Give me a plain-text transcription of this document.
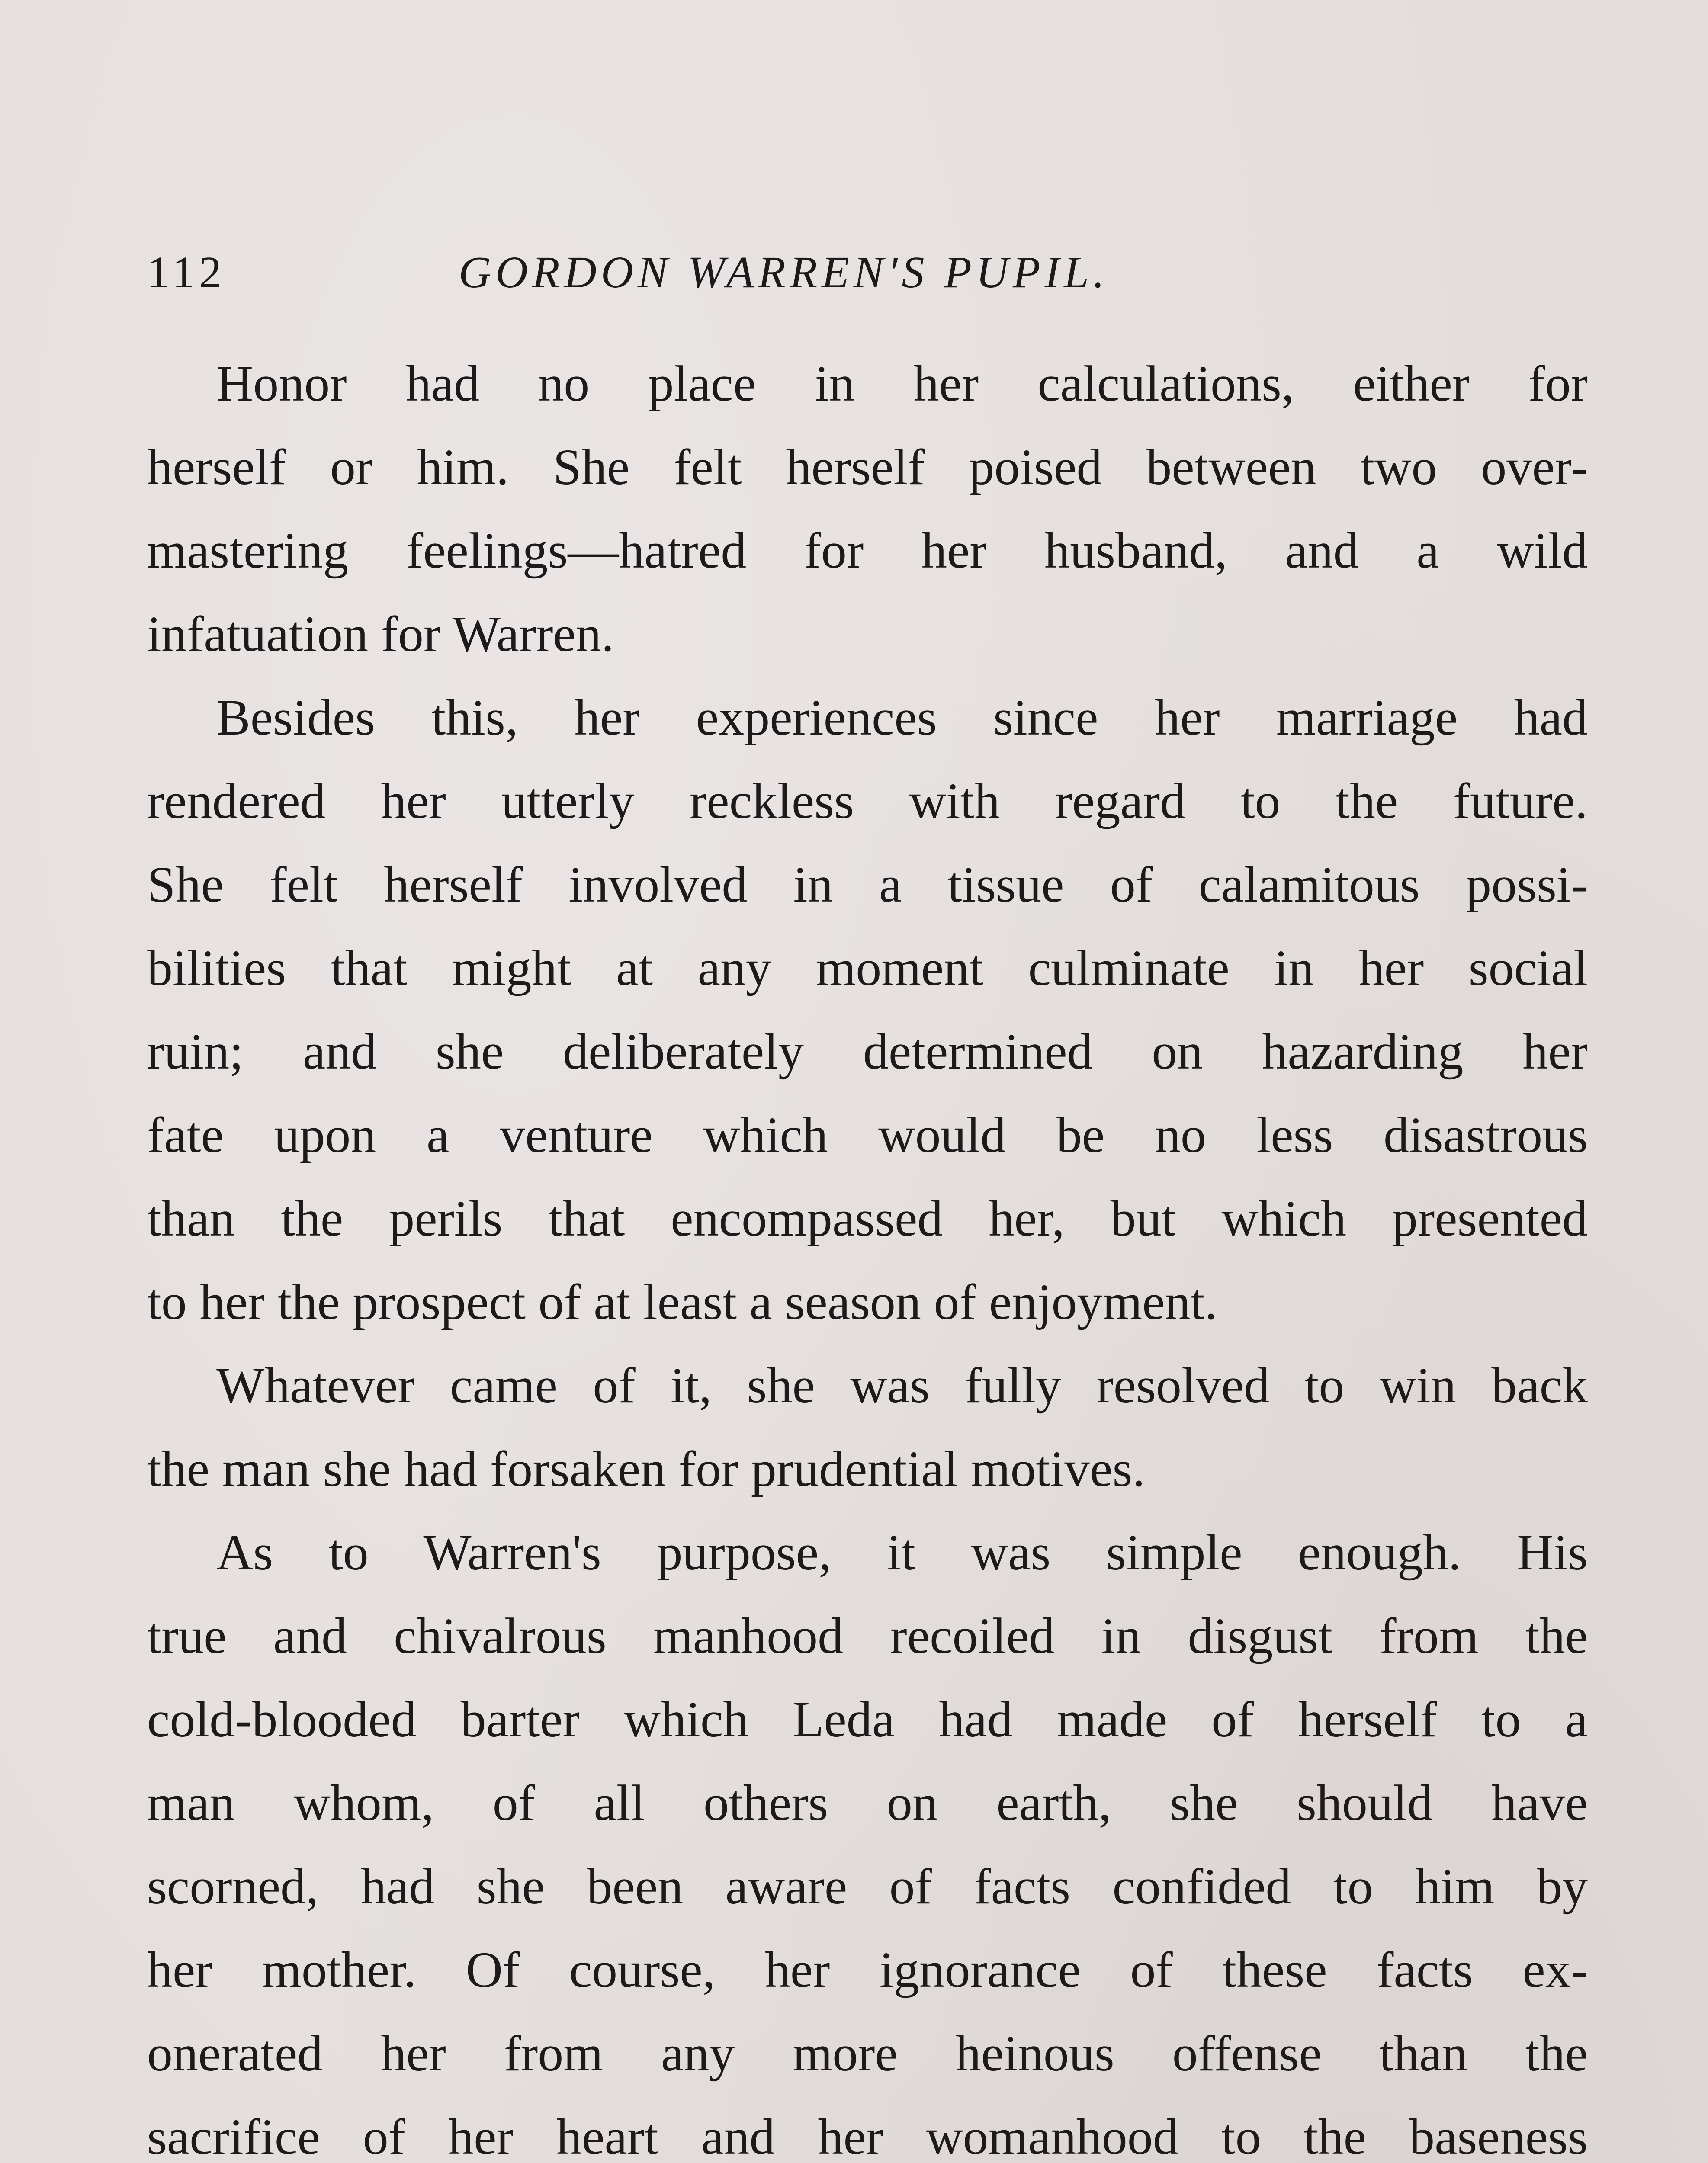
112	GORDON WARREN'S PUPIL.

Honor had no place in her calculations, either for
herself or him. She felt herself poised between two over-
mastering feelings—hatred for her husband, and a wild
infatuation for Warren.

Besides this, her experiences since her marriage had
rendered her utterly reckless with regard to the future.
She felt herself involved in a tissue of calamitous possi-
bilities that might at any moment culminate in her social
ruin; and she deliberately determined on hazarding her
fate upon a venture which would be no less disastrous
than the perils that encompassed her, but which presented
to her the prospect of at least a season of enjoyment.

Whatever came of it, she was fully resolved to win back
the man she had forsaken for prudential motives.

As to Warren's purpose, it was simple enough. His
true and chivalrous manhood recoiled in disgust from the
cold-blooded barter which Leda had made of herself to a
man whom, of all others on earth, she should have
scorned, had she been aware of facts confided to him by
her mother. Of course, her ignorance of these facts ex-
onerated her from any more heinous offense than the
sacrifice of her heart and her womanhood to the baseness
